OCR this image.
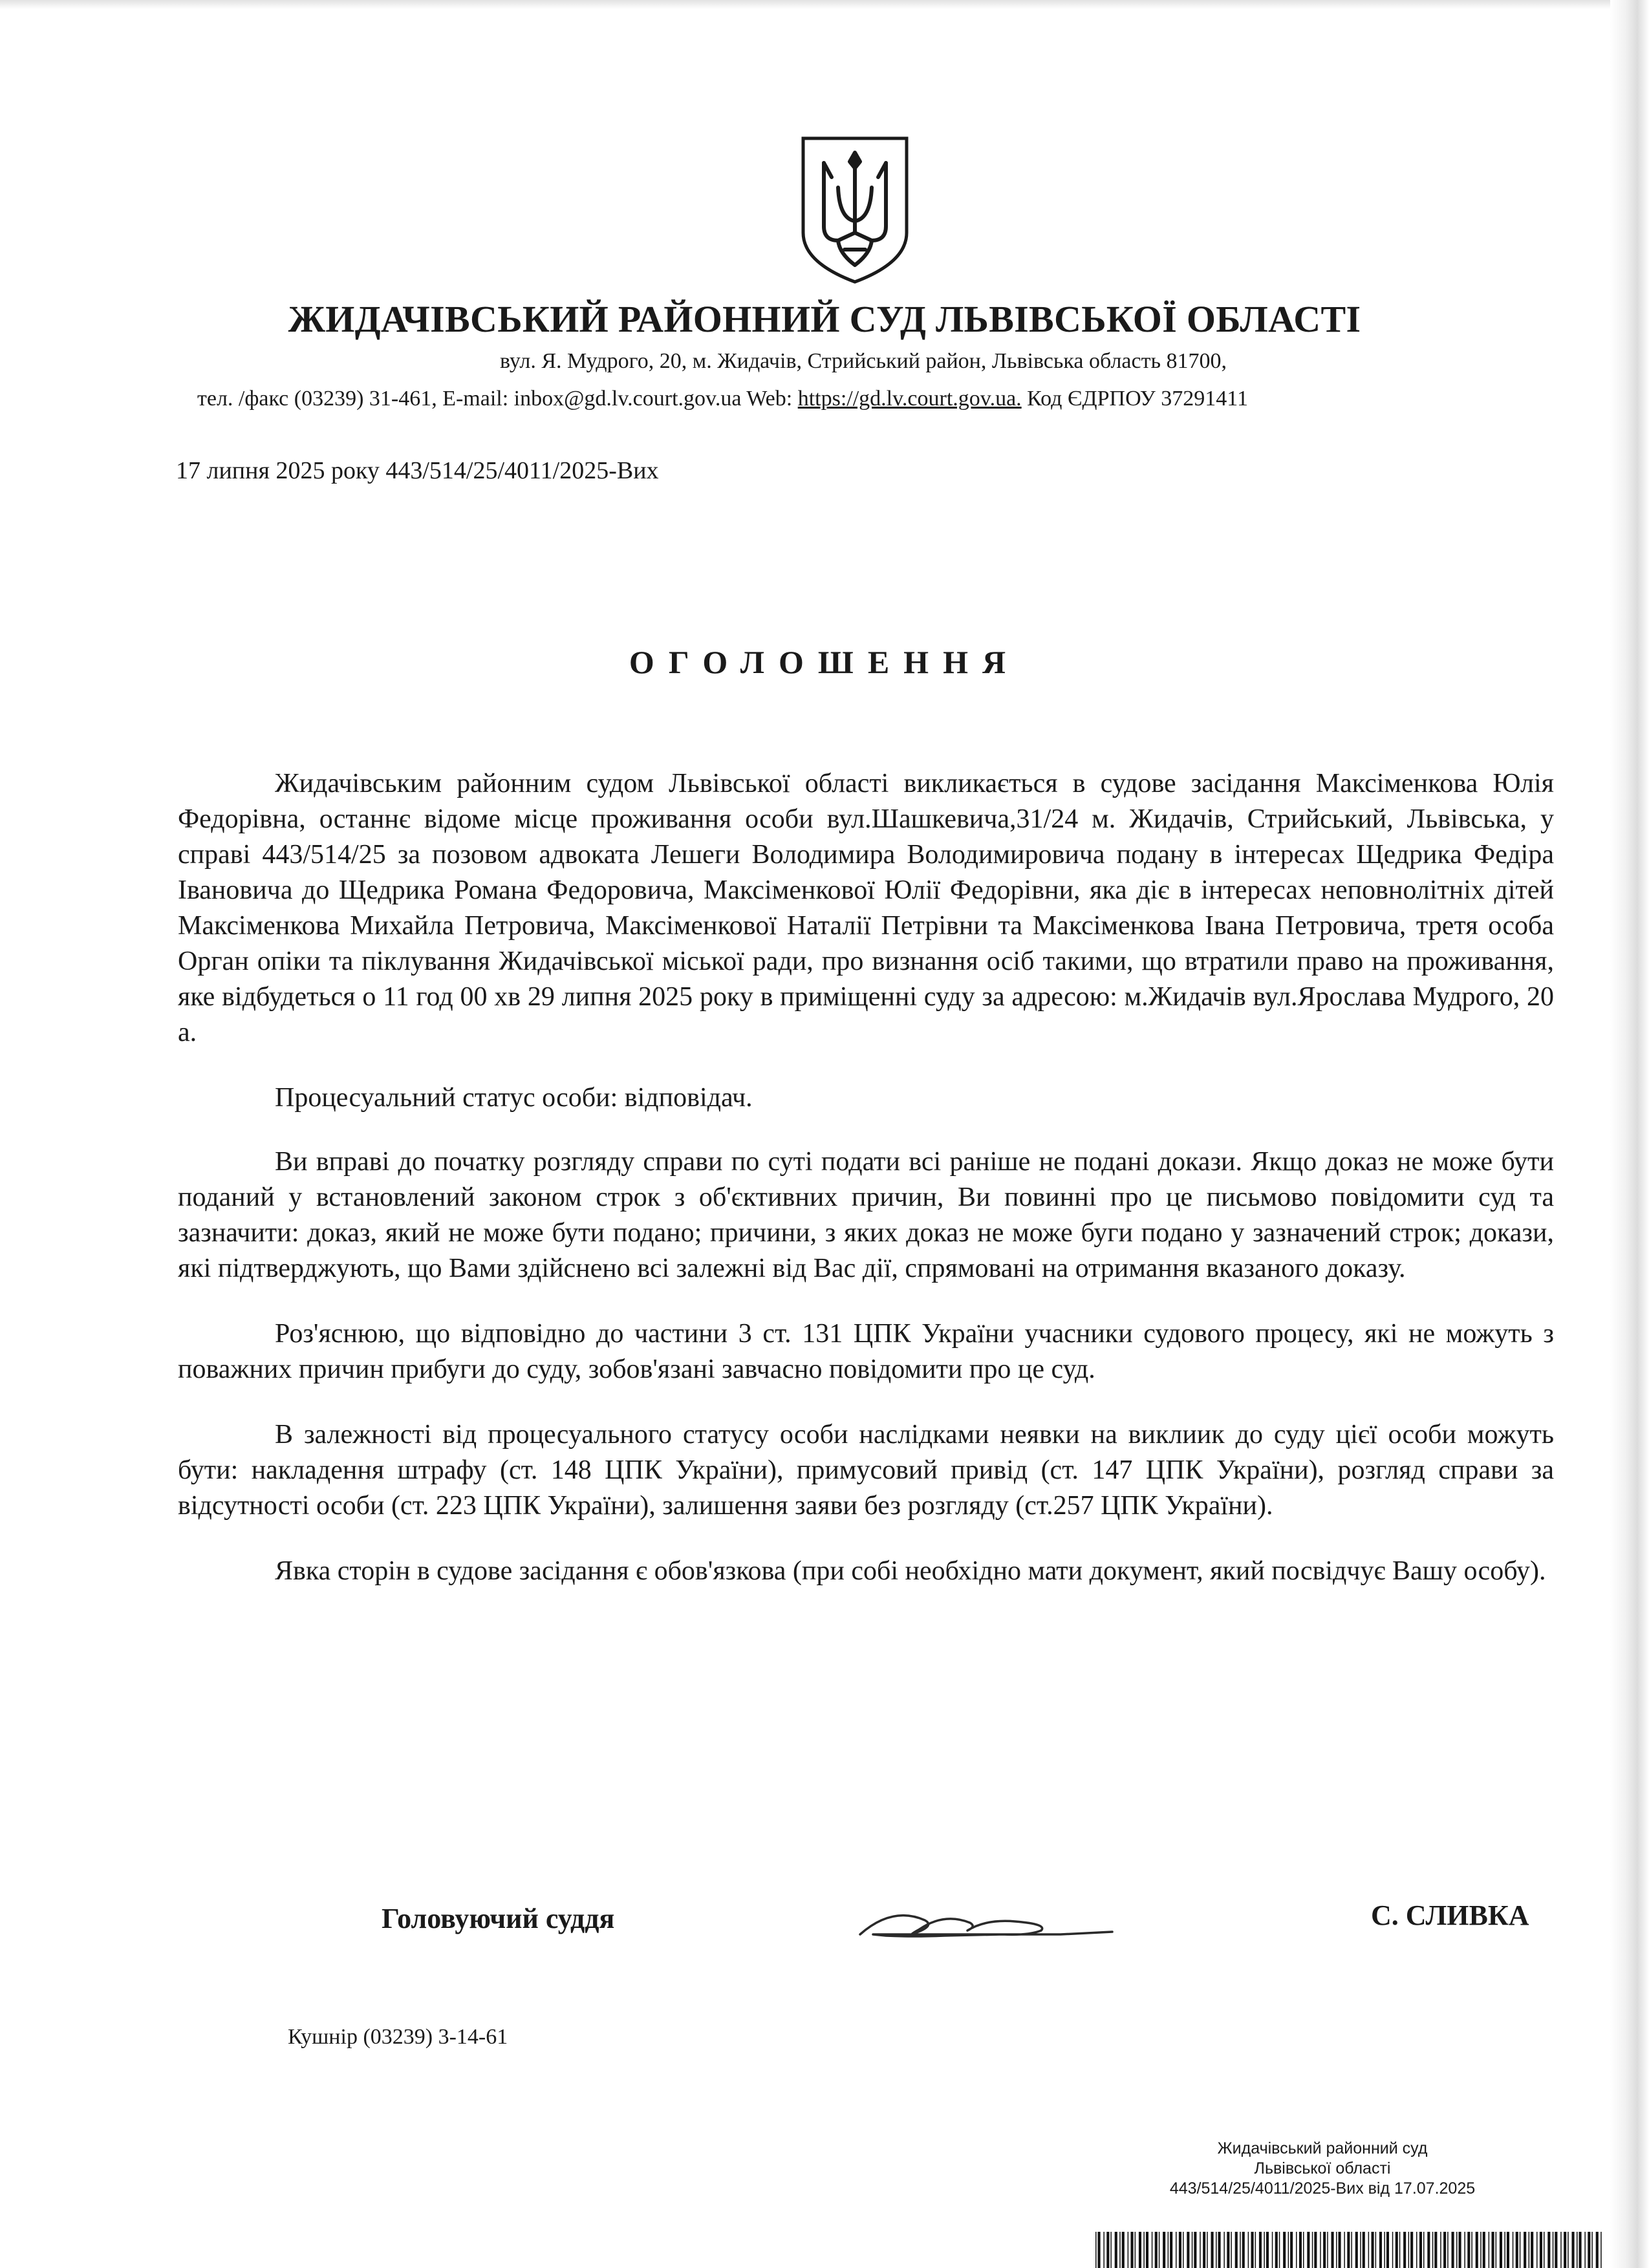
ЖИДАЧІВСЬКИЙ РАЙОННИЙ СУД ЛЬВІВСЬКОЇ ОБЛАСТІ
вул. Я. Мудрого, 20, м. Жидачів, Стрийський район, Львівська область 81700,
тел. /факс (03239) 31-461, E-mail: inbox@gd.lv.court.gov.ua Web: https://gd.lv.court.gov.ua. Код ЄДРПОУ 37291411
17 липня 2025 року 443/514/25/4011/2025-Вих
ОГОЛОШЕННЯ

Жидачівським районним судом Львівської області викликається в судове засідання Максіменкова Юлія Федорівна, останнє відоме місце проживання особи вул.Шашкевича,31/24 м. Жидачів, Стрийський, Львівська, у справі 443/514/25 за позовом адвоката Лешеги Володимира Володимировича подану в інтересах Щедрика Федіра Івановича до Щедрика Романа Федоровича, Максіменкової Юлії Федорівни, яка діє в інтересах неповнолітніх дітей Максіменкова Михайла Петровича, Максіменкової Наталії Петрівни та Максіменкова Івана Петровича, третя особа Орган опіки та піклування Жидачівської міської ради, про визнання осіб такими, що втратили право на проживання, яке відбудеться о 11 год 00 хв 29 липня 2025 року в приміщенні суду за адресою: м.Жидачів вул.Ярослава Мудрого, 20 а.

Процесуальний статус особи: відповідач.

Ви вправі до початку розгляду справи по суті подати всі раніше не подані докази. Якщо доказ не може бути поданий у встановлений законом строк з об'єктивних причин, Ви повинні про це письмово повідомити суд та зазначити: доказ, який не може бути подано; причини, з яких доказ не може буги подано у зазначений строк; докази, які підтверджують, що Вами здійснено всі залежні від Вас дії, спрямовані на отримання вказаного доказу.

Роз'яснюю, що відповідно до частини 3 ст. 131 ЦПК України учасники судового процесу, які не можуть з поважних причин прибуги до суду, зобов'язані завчасно повідомити про це суд.

В залежності від процесуального статусу особи наслідками неявки на виклиик до суду цієї особи можуть бути: накладення штрафу (ст. 148 ЦПК України), примусовий привід (ст. 147 ЦПК України), розгляд справи за відсутності особи (ст. 223 ЦПК України), залишення заяви без розгляду (ст.257 ЦПК України).

Явка сторін в судове засідання є обов'язкова (при собі необхідно мати документ, який посвідчує Вашу особу).

Головуючий суддя	С. СЛИВКА
Кушнір (03239) 3-14-61
Жидачівський районний суд
Львівської області
443/514/25/4011/2025-Вих від 17.07.2025
